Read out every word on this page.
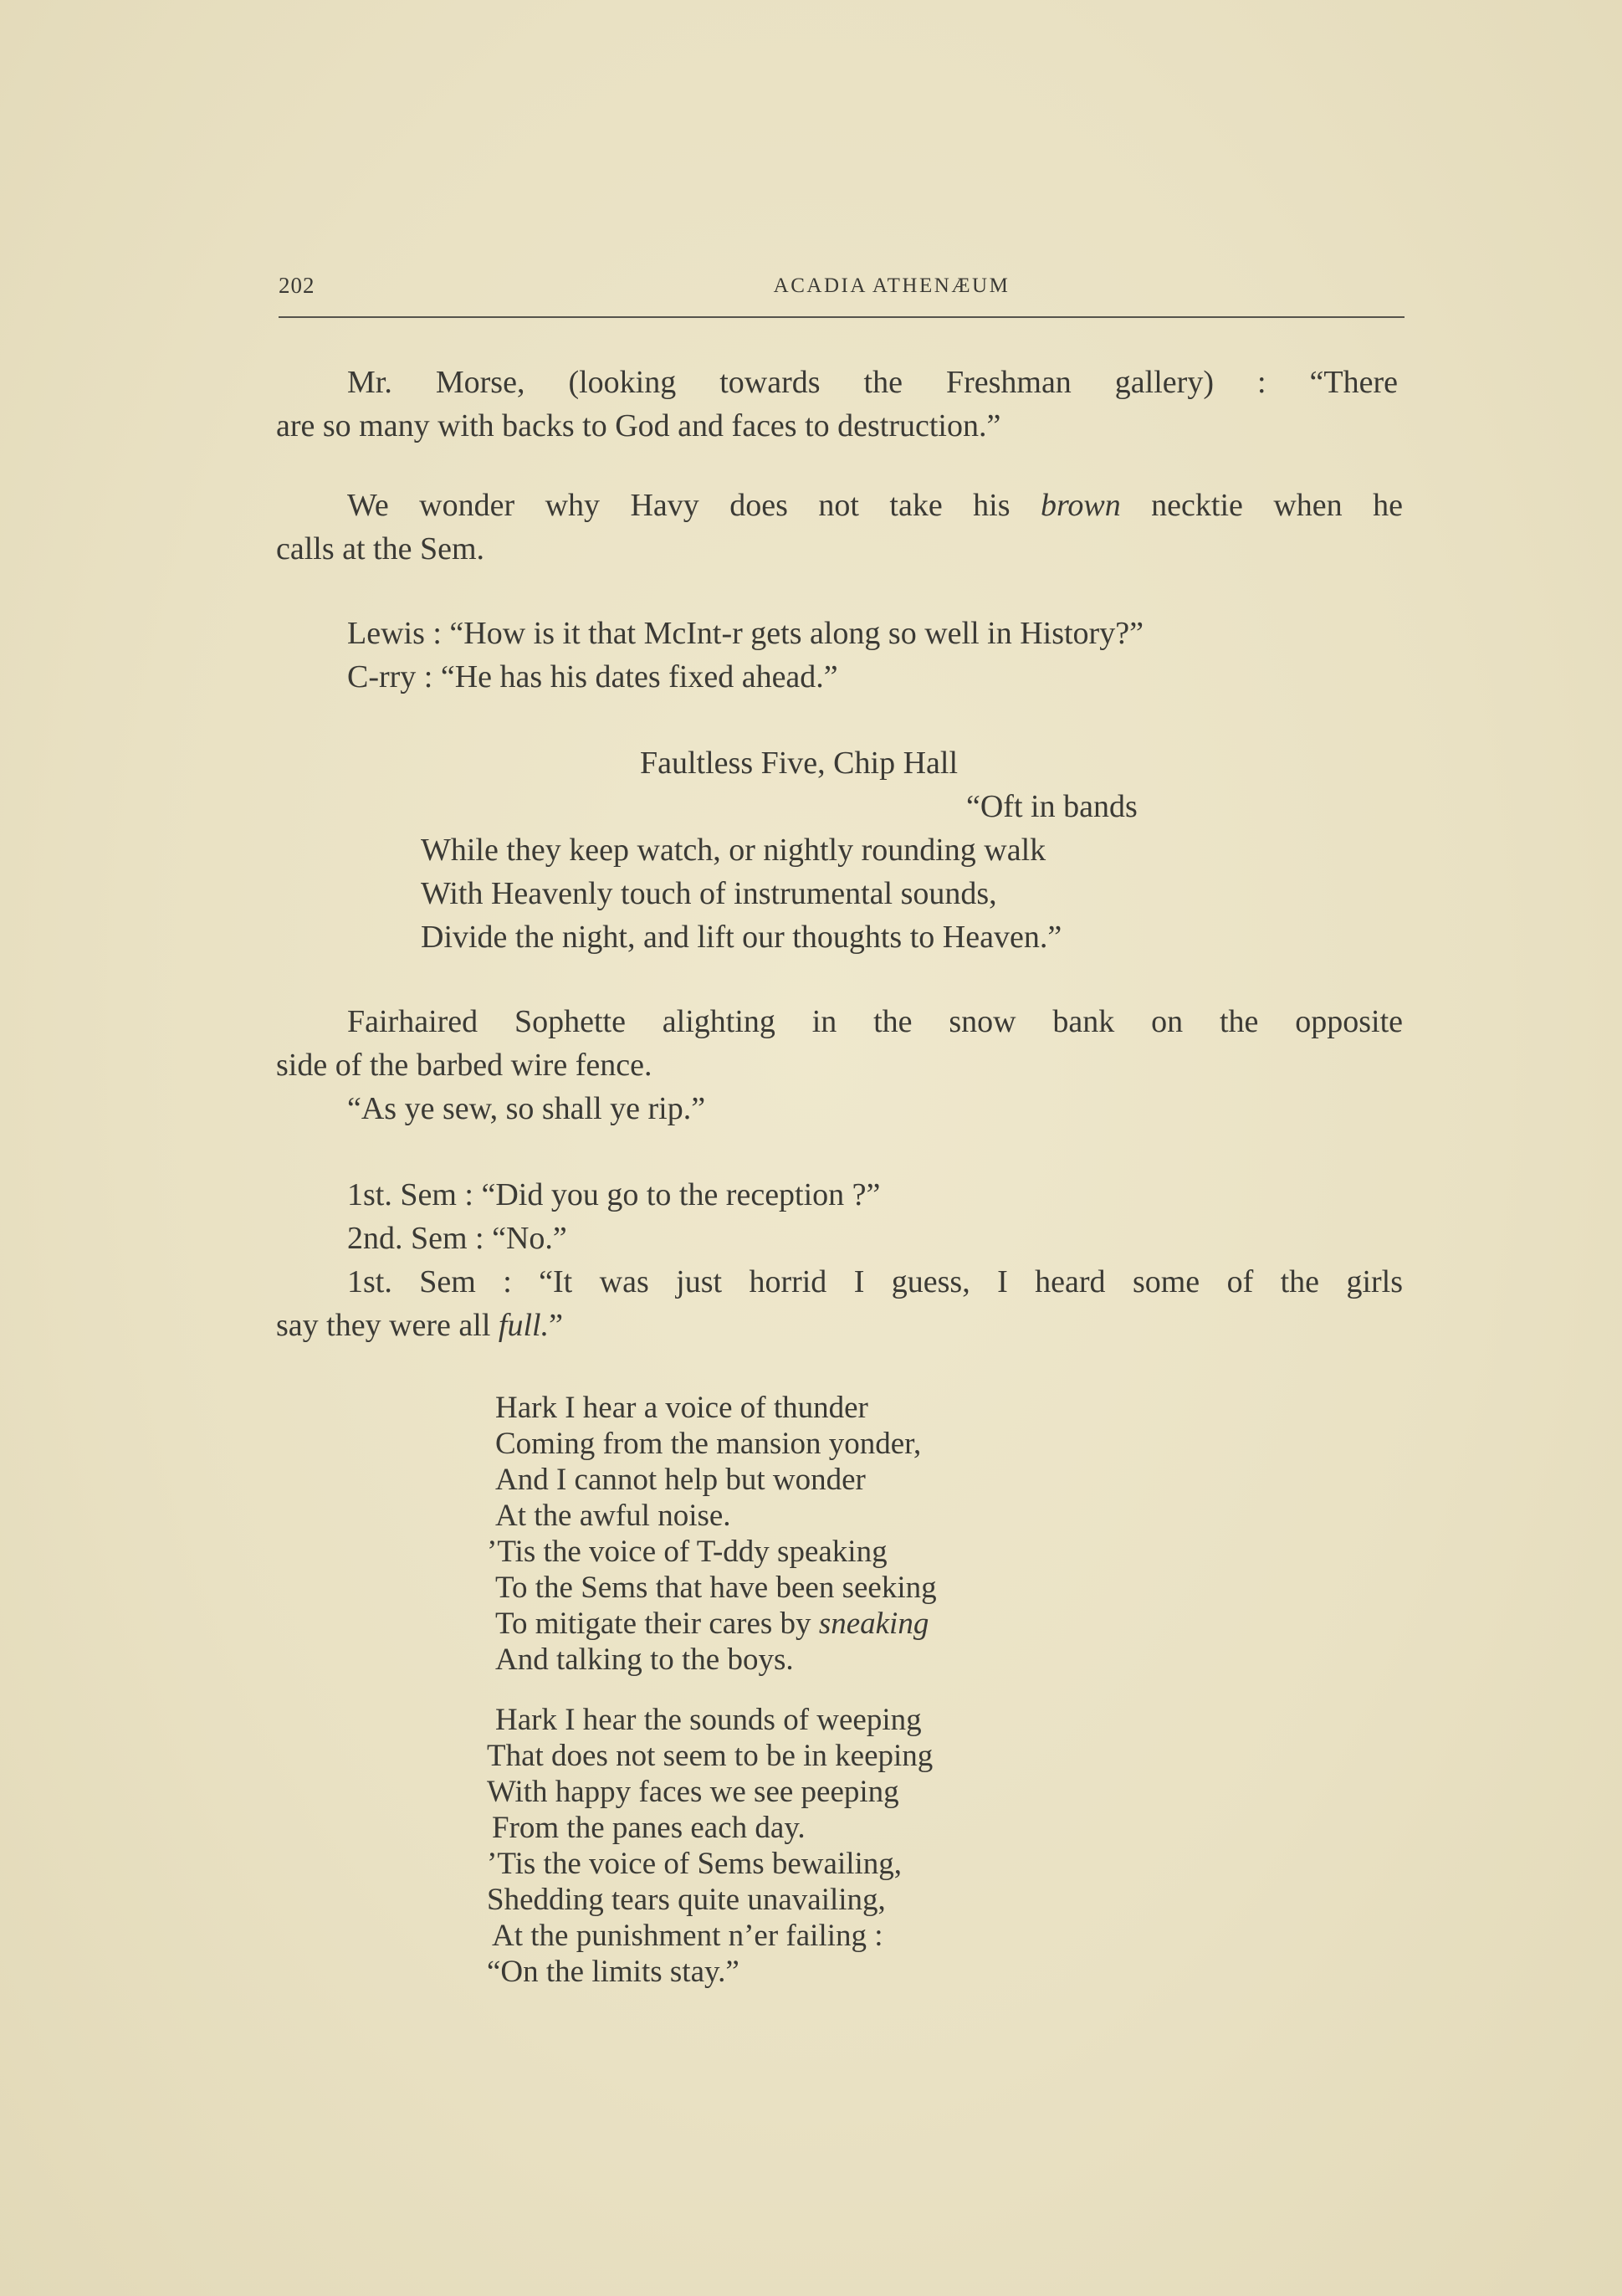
202	ACADIA ATHENÆUM
Mr. Morse, (looking towards the Freshman gallery) : “There
are so many with backs to God and faces to destruction.”
We wonder why Havy does not take his brown necktie when he
calls at the Sem.
Lewis : “How is it that McInt-r gets along so well in History?”
C-rry : “He has his dates fixed ahead.”
Faultless Five, Chip Hall
“Oft in bands
While they keep watch, or nightly rounding walk
With Heavenly touch of instrumental sounds,
Divide the night, and lift our thoughts to Heaven.”
Fairhaired Sophette alighting in the snow bank on the opposite
side of the barbed wire fence.
“As ye sew, so shall ye rip.”
1st. Sem : “Did you go to the reception ?”
2nd. Sem : “No.”
1st. Sem : “It was just horrid I guess, I heard some of the girls
say they were all full.”
Hark I hear a voice of thunder
Coming from the mansion yonder,
And I cannot help but wonder
At the awful noise.
’Tis the voice of T-ddy speaking
To the Sems that have been seeking
To mitigate their cares by sneaking
And talking to the boys.
Hark I hear the sounds of weeping
That does not seem to be in keeping
With happy faces we see peeping
From the panes each day.
’Tis the voice of Sems bewailing,
Shedding tears quite unavailing,
At the punishment n’er failing :
“On the limits stay.”
